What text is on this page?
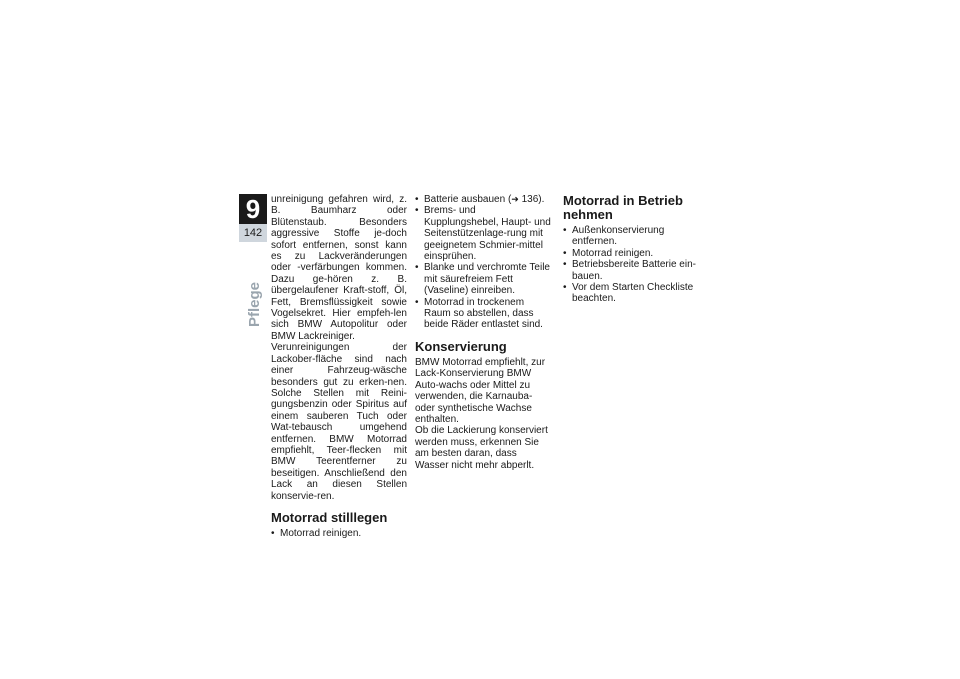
9
142
Pflege

unreinigung gefahren wird, z. B. Baumharz oder Blütenstaub. Besonders aggressive Stoffe je-doch sofort entfernen, sonst kann es zu Lackveränderungen oder -verfärbungen kommen. Dazu ge-hören z. B. übergelaufener Kraft-stoff, Öl, Fett, Bremsflüssigkeit sowie Vogelsekret. Hier empfeh-len sich BMW Autopolitur oder BMW Lackreiniger.

Verunreinigungen der Lackober-fläche sind nach einer Fahrzeug-wäsche besonders gut zu erken-nen. Solche Stellen mit Reini-gungsbenzin oder Spiritus auf einem sauberen Tuch oder Wat-tebausch umgehend entfernen. BMW Motorrad empfiehlt, Teer-flecken mit BMW Teerentferner zu beseitigen. Anschließend den Lack an diesen Stellen konservie-ren.

Motorrad stilllegen
• Motorrad reinigen.
• Batterie ausbauen (➜ 136).
• Brems- und Kupplungshebel, Haupt- und Seitenstützenlage-rung mit geeignetem Schmier-mittel einsprühen.
• Blanke und verchromte Teile mit säurefreiem Fett (Vaseline) einreiben.
• Motorrad in trockenem Raum so abstellen, dass beide Räder entlastet sind.
Konservierung

BMW Motorrad empfiehlt, zur Lack-Konservierung BMW Auto-wachs oder Mittel zu verwenden, die Karnauba- oder synthetische Wachse enthalten.

Ob die Lackierung konserviert werden muss, erkennen Sie am besten daran, dass Wasser nicht mehr abperlt.

Motorrad in Betrieb nehmen
• Außenkonservierung entfernen.
• Motorrad reinigen.
• Betriebsbereite Batterie ein-bauen.
• Vor dem Starten Checkliste beachten.
